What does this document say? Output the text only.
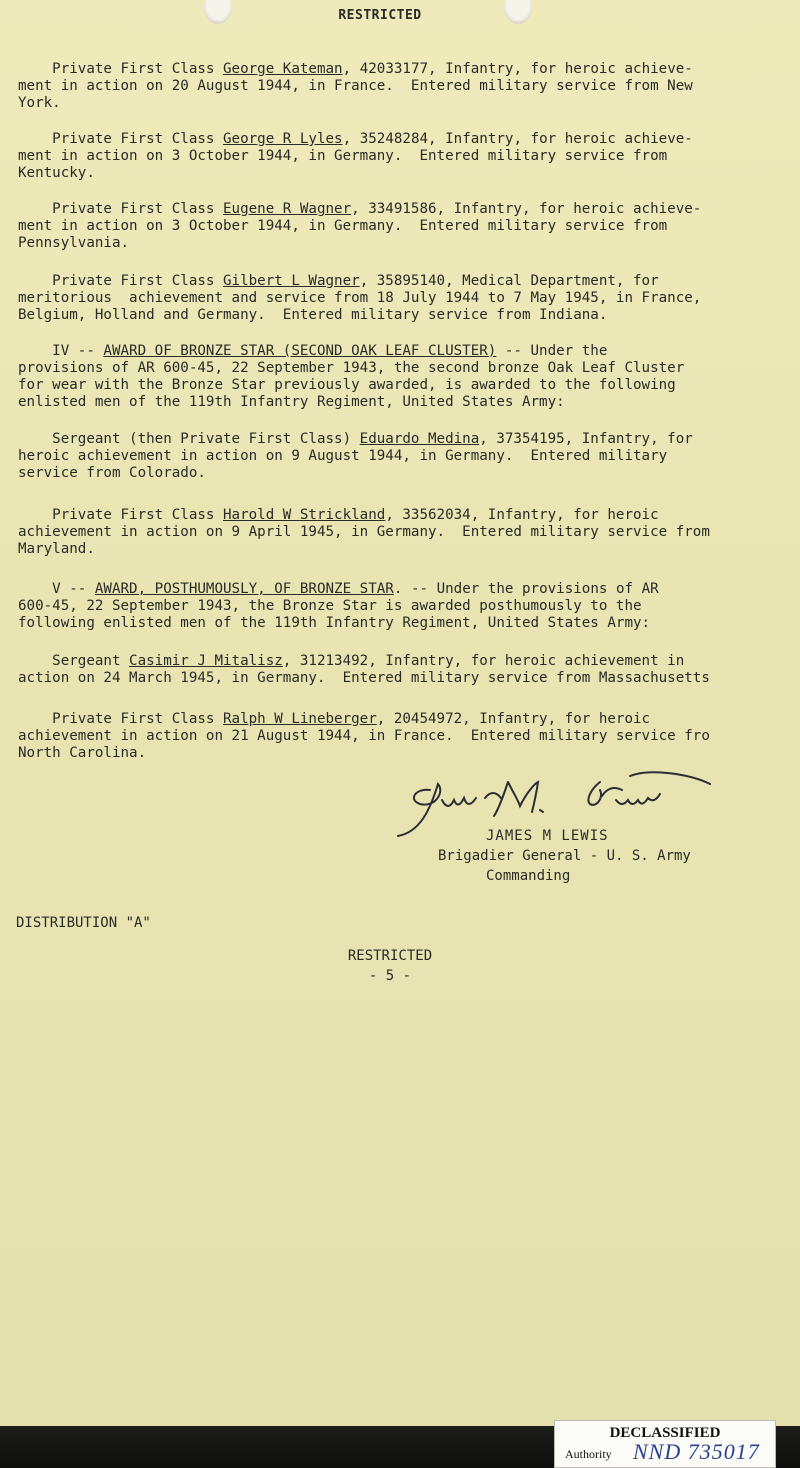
RESTRICTED

Private First Class George Kateman, 42033177, Infantry, for heroic achieve-
ment in action on 20 August 1944, in France.  Entered military service from New
York.

Private First Class George R Lyles, 35248284, Infantry, for heroic achieve-
ment in action on 3 October 1944, in Germany.  Entered military service from
Kentucky.

Private First Class Eugene R Wagner, 33491586, Infantry, for heroic achieve-
ment in action on 3 October 1944, in Germany.  Entered military service from
Pennsylvania.

Private First Class Gilbert L Wagner, 35895140, Medical Department, for
meritorious  achievement and service from 18 July 1944 to 7 May 1945, in France,
Belgium, Holland and Germany.  Entered military service from Indiana.

IV -- AWARD OF BRONZE STAR (SECOND OAK LEAF CLUSTER) -- Under the
provisions of AR 600-45, 22 September 1943, the second bronze Oak Leaf Cluster
for wear with the Bronze Star previously awarded, is awarded to the following
enlisted men of the 119th Infantry Regiment, United States Army:

Sergeant (then Private First Class) Eduardo Medina, 37354195, Infantry, for
heroic achievement in action on 9 August 1944, in Germany.  Entered military
service from Colorado.

Private First Class Harold W Strickland, 33562034, Infantry, for heroic
achievement in action on 9 April 1945, in Germany.  Entered military service from
Maryland.

V -- AWARD, POSTHUMOUSLY, OF BRONZE STAR. -- Under the provisions of AR
600-45, 22 September 1943, the Bronze Star is awarded posthumously to the
following enlisted men of the 119th Infantry Regiment, United States Army:

Sergeant Casimir J Mitalisz, 31213492, Infantry, for heroic achievement in
action on 24 March 1945, in Germany.  Entered military service from Massachusetts

Private First Class Ralph W Lineberger, 20454972, Infantry, for heroic
achievement in action on 21 August 1944, in France.  Entered military service fro
North Carolina.

JAMES M LEWIS
Brigadier General - U. S. Army
Commanding
DISTRIBUTION "A"
RESTRICTED
- 5 -
DECLASSIFIED
Authority NND 735017
